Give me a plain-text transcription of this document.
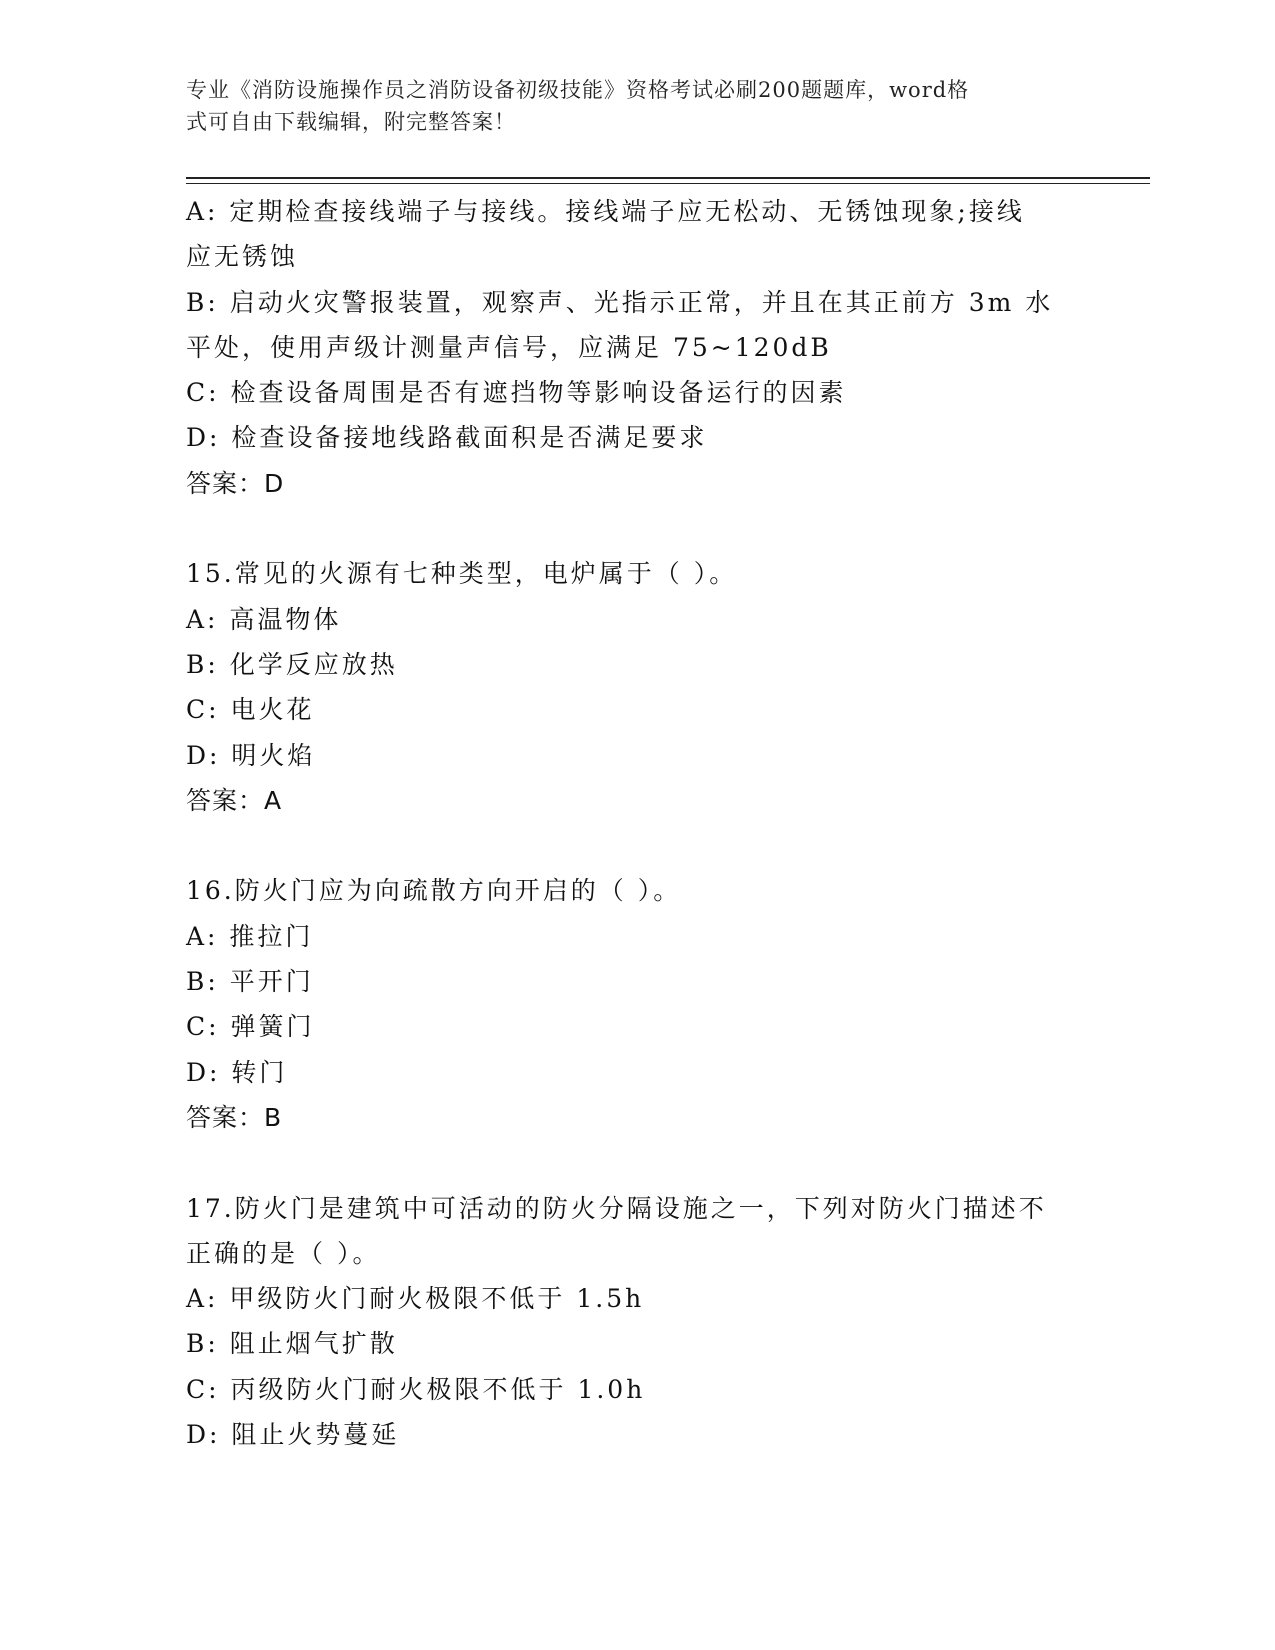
专业《消防设施操作员之消防设备初级技能》资格考试必刷200题题库，word格
式可自由下载编辑，附完整答案！
A: 定期检查接线端子与接线。接线端子应无松动、无锈蚀现象;接线
应无锈蚀
B: 启动火灾警报装置，观察声、光指示正常，并且在其正前方 3m 水
平处，使用声级计测量声信号，应满足 75~120dB
C: 检查设备周围是否有遮挡物等影响设备运行的因素
D: 检查设备接地线路截面积是否满足要求
答案：D
15.常见的火源有七种类型，电炉属于（ ）。
A: 高温物体
B: 化学反应放热
C: 电火花
D: 明火焰
答案：A
16.防火门应为向疏散方向开启的（ ）。
A: 推拉门
B: 平开门
C: 弹簧门
D: 转门
答案：B
17.防火门是建筑中可活动的防火分隔设施之一，下列对防火门描述不
正确的是（ ）。
A: 甲级防火门耐火极限不低于 1.5h
B: 阻止烟气扩散
C: 丙级防火门耐火极限不低于 1.0h
D: 阻止火势蔓延
